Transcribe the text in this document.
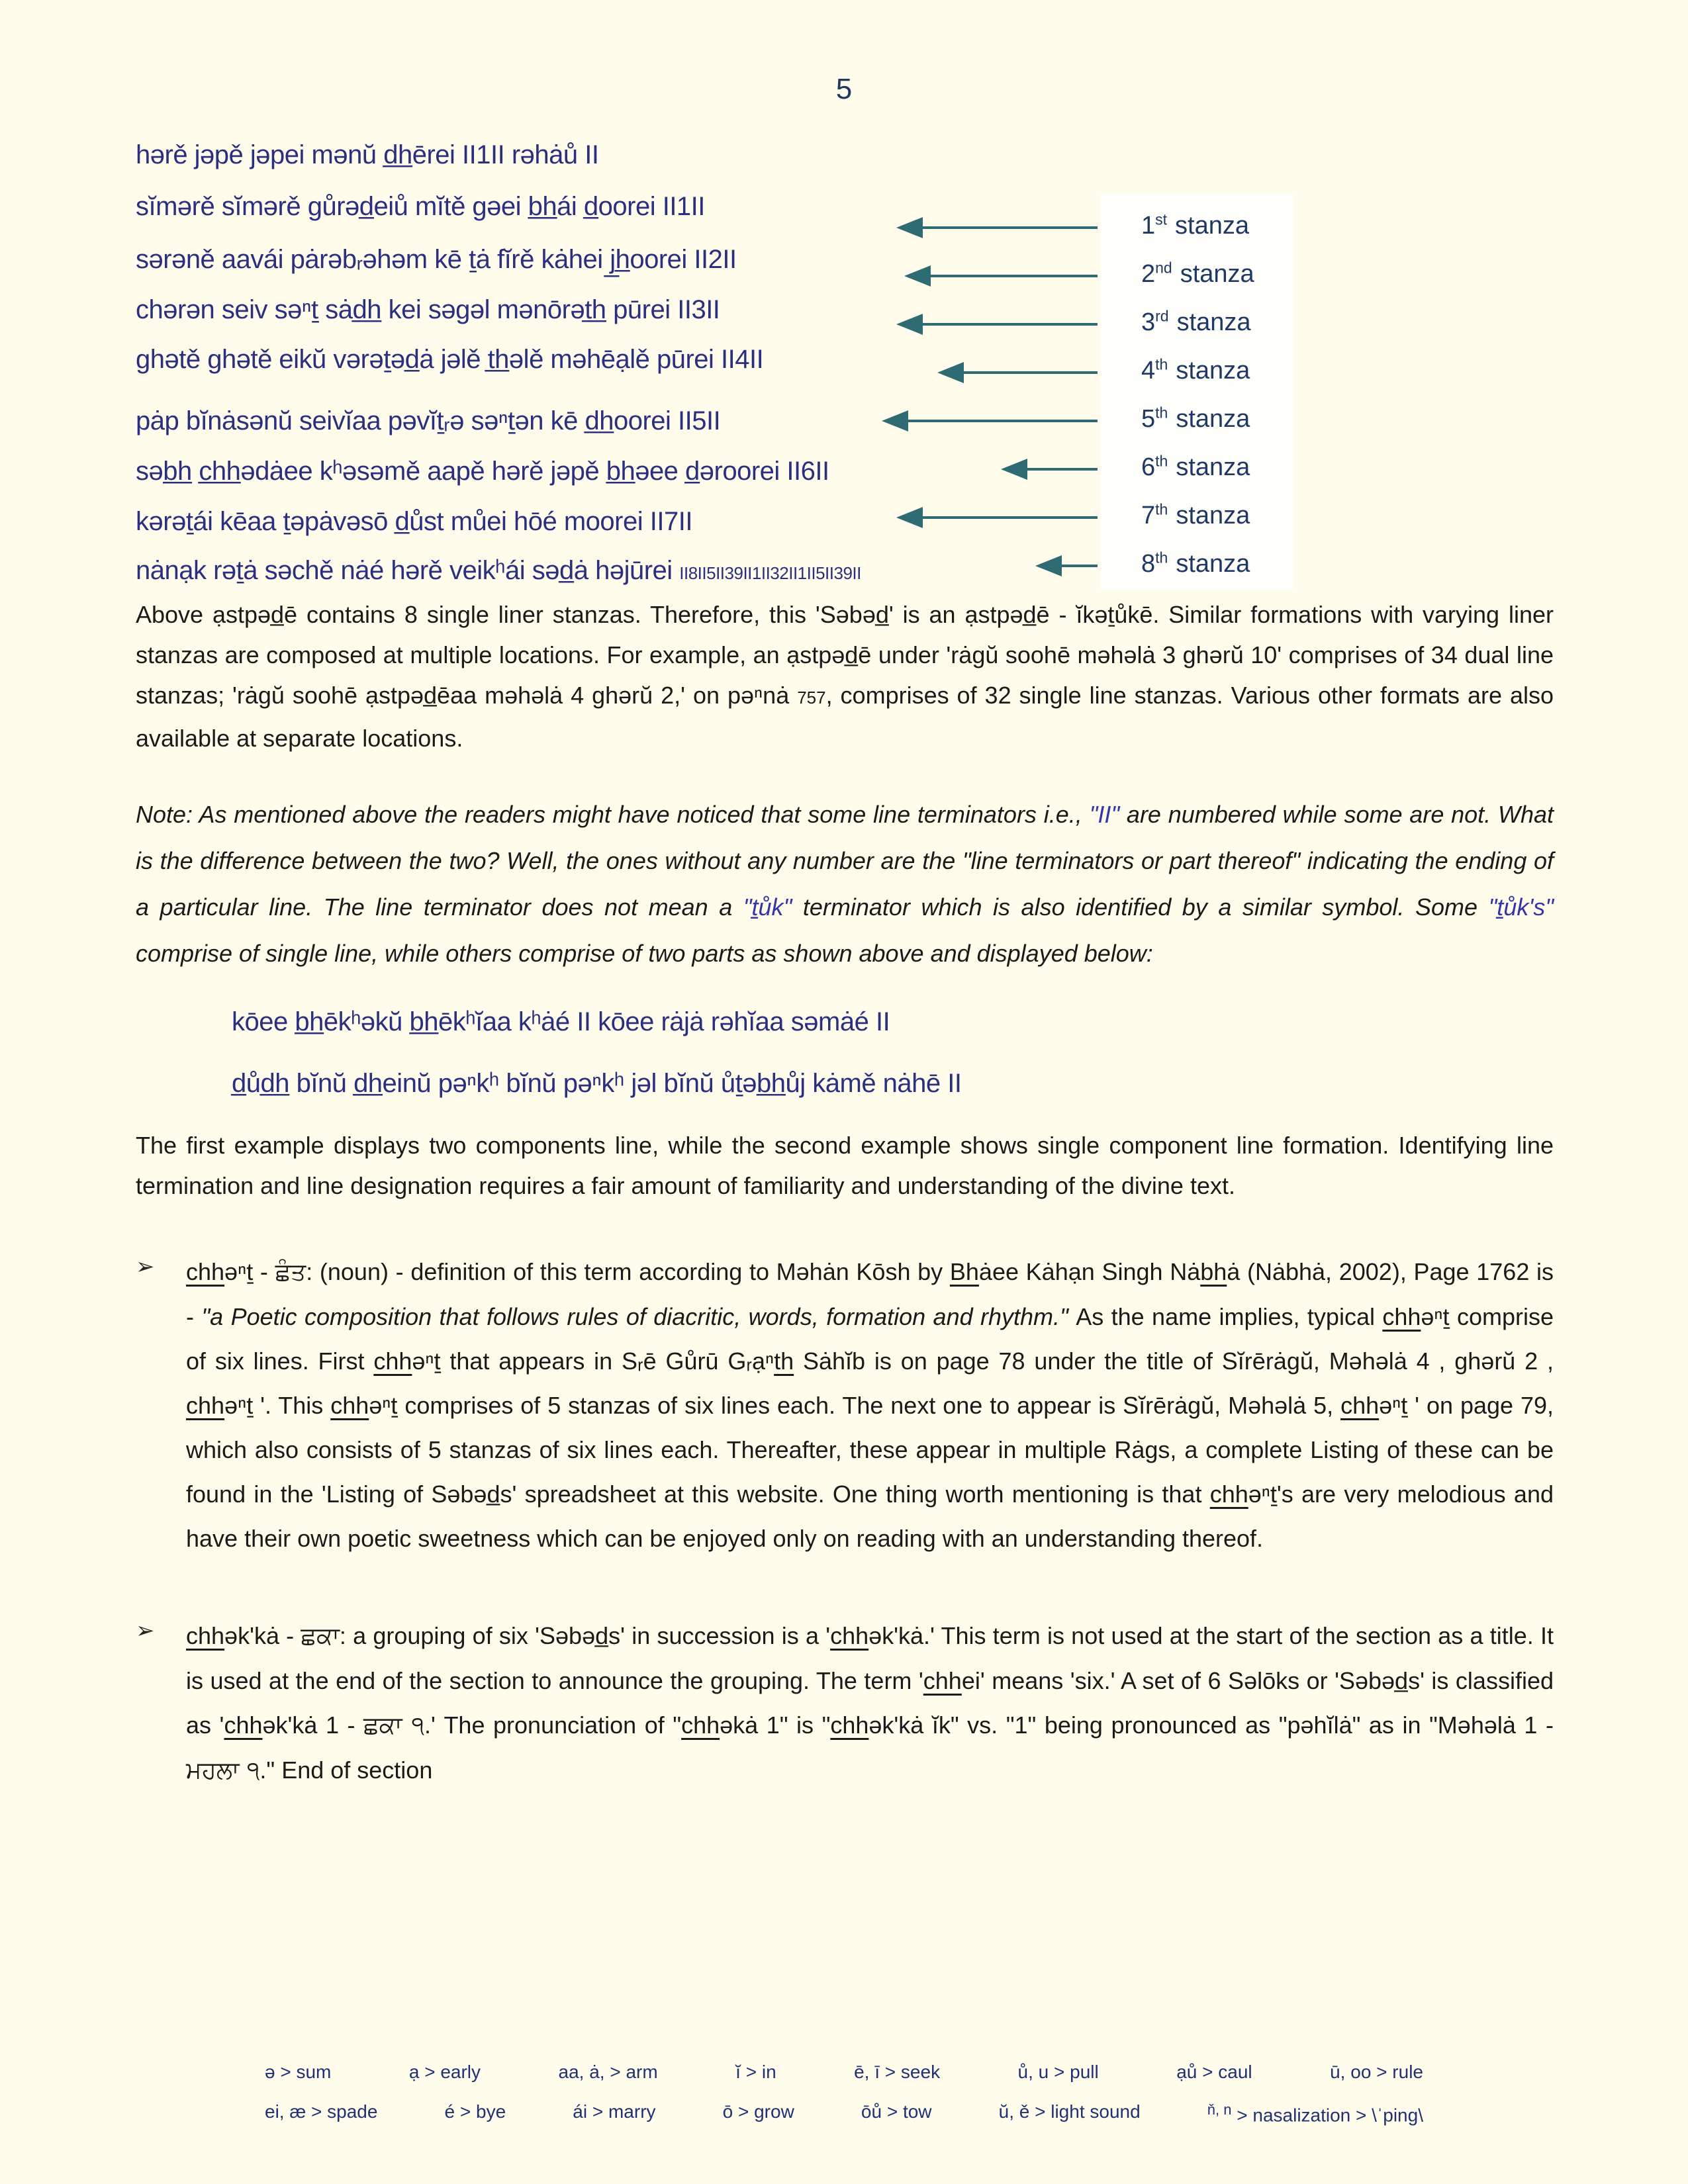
5
hərě jəpě jəpei mənŭ d̲h̲ērei II1II rəhȧů II
sĭmərě sĭmərě gůrəd̲eiů mĭtě gəei b̲h̲ái d̲oorei II1II
sərəně aavái pȧrəbᵣəhəm kē ṯȧ fĭrě kȧhei j̲h̲oorei II2II
chərən seiv səⁿṯ sȧd̲h̲ kei səgəl mənōrət̲h̲ pūrei II3II
ghətě ghətě eikŭ vərəṯəd̲ȧ jəlě t̲h̲əlě məhēạlě pūrei II4II
pȧp bĭnȧsənŭ seivĭaa pəvĭṯᵣə səⁿṯən kē d̲h̲oorei II5II
səb̲h̲ c̲h̲h̲ədȧee kʰəsəmě aapě hərě jəpě b̲h̲əee d̲əroorei II6II
kərəṯái kēaa ṯəpȧvəsō d̲ůst můei hōé moorei II7II
nȧnạk rəṯȧ səchě nȧé hərě veikʰái səd̲ȧ həjūrei II8II5II39II1II32II1II5II39II
1st stanza
2nd stanza
3rd stanza
4th stanza
5th stanza
6th stanza
7th stanza
8th stanza
Above ạstpəd̲ē contains 8 single liner stanzas. Therefore, this 'Səbəd̲' is an ạstpəd̲ē - ĭkəṯůkē. Similar formations with varying liner stanzas are composed at multiple locations. For example, an ạstpəd̲ē under 'rȧgŭ soohē məhəlȧ 3 ghərŭ 10' comprises of 34 dual line stanzas; 'rȧgŭ soohē ạstpəd̲ēaa məhəlȧ 4 ghərŭ 2,' on pəⁿnȧ 757, comprises of 32 single line stanzas. Various other formats are also available at separate locations.
Note: As mentioned above the readers might have noticed that some line terminators i.e., "II" are numbered while some are not. What is the difference between the two? Well, the ones without any number are the "line terminators or part thereof" indicating the ending of a particular line. The line terminator does not mean a "ṯůk" terminator which is also identified by a similar symbol. Some "ṯůk's" comprise of single line, while others comprise of two parts as shown above and displayed below:
kōee b̲h̲ēkʰəkŭ b̲h̲ēkʰĭaa kʰȧé II kōee rȧjȧ rəhĭaa səmȧé II
d̲ůd̲h̲ bĭnŭ d̲h̲einŭ pəⁿkʰ bĭnŭ pəⁿkʰ jəl bĭnŭ ůṯəb̲h̲ůj kȧmě nȧhē II
The first example displays two components line, while the second example shows single component line formation. Identifying line termination and line designation requires a fair amount of familiarity and understanding of the divine text.
➢	chhəⁿṯ - ਛੰਤ: (noun) - definition of this term according to Məhȧn Kōsh by Bhȧee Kȧhạn Singh Nȧbhȧ (Nȧbhȧ, 2002), Page 1762 is - "a Poetic composition that follows rules of diacritic, words, formation and rhythm." As the name implies, typical chhəⁿṯ comprise of six lines. First chhəⁿṯ that appears in Sᵣē Gůrū Gᵣạⁿth Sȧhĭb is on page 78 under the title of Sĭrērȧgŭ, Məhəlȧ 4 , ghərŭ 2 , chhəⁿṯ '. This chhəⁿṯ comprises of 5 stanzas of six lines each. The next one to appear is Sĭrērȧgŭ, Məhəlȧ 5, chhəⁿṯ ' on page 79, which also consists of 5 stanzas of six lines each. Thereafter, these appear in multiple Rȧgs, a complete Listing of these can be found in the 'Listing of Səbəd̲s' spreadsheet at this website. One thing worth mentioning is that chhəⁿṯ's are very melodious and have their own poetic sweetness which can be enjoyed only on reading with an understanding thereof.
➢	chhək'kȧ - ਛਕਾ: a grouping of six 'Səbəd̲s' in succession is a 'chhək'kȧ.' This term is not used at the start of the section as a title. It is used at the end of the section to announce the grouping. The term 'chhei' means 'six.' A set of 6 Səlōks or 'Səbəd̲s' is classified as 'chhək'kȧ 1 - ਛਕਾ ੧.' The pronunciation of "chhəkȧ 1" is "chhək'kȧ ĭk" vs. "1" being pronounced as "pəhĭlȧ" as in "Məhəlȧ 1 - ਮਹਲਾ ੧." End of section
ə > sum	ạ > early	aa, ȧ, > arm	ĭ > in	ē, ī > seek	ů, u > pull	ạů > caul	ū, oo > rule
ei, æ > spade	é > bye	ái > marry	ō > grow	ōů > tow	ŭ, ě > light sound	$^{ň, n}$ > nasalization > \ˈping\
